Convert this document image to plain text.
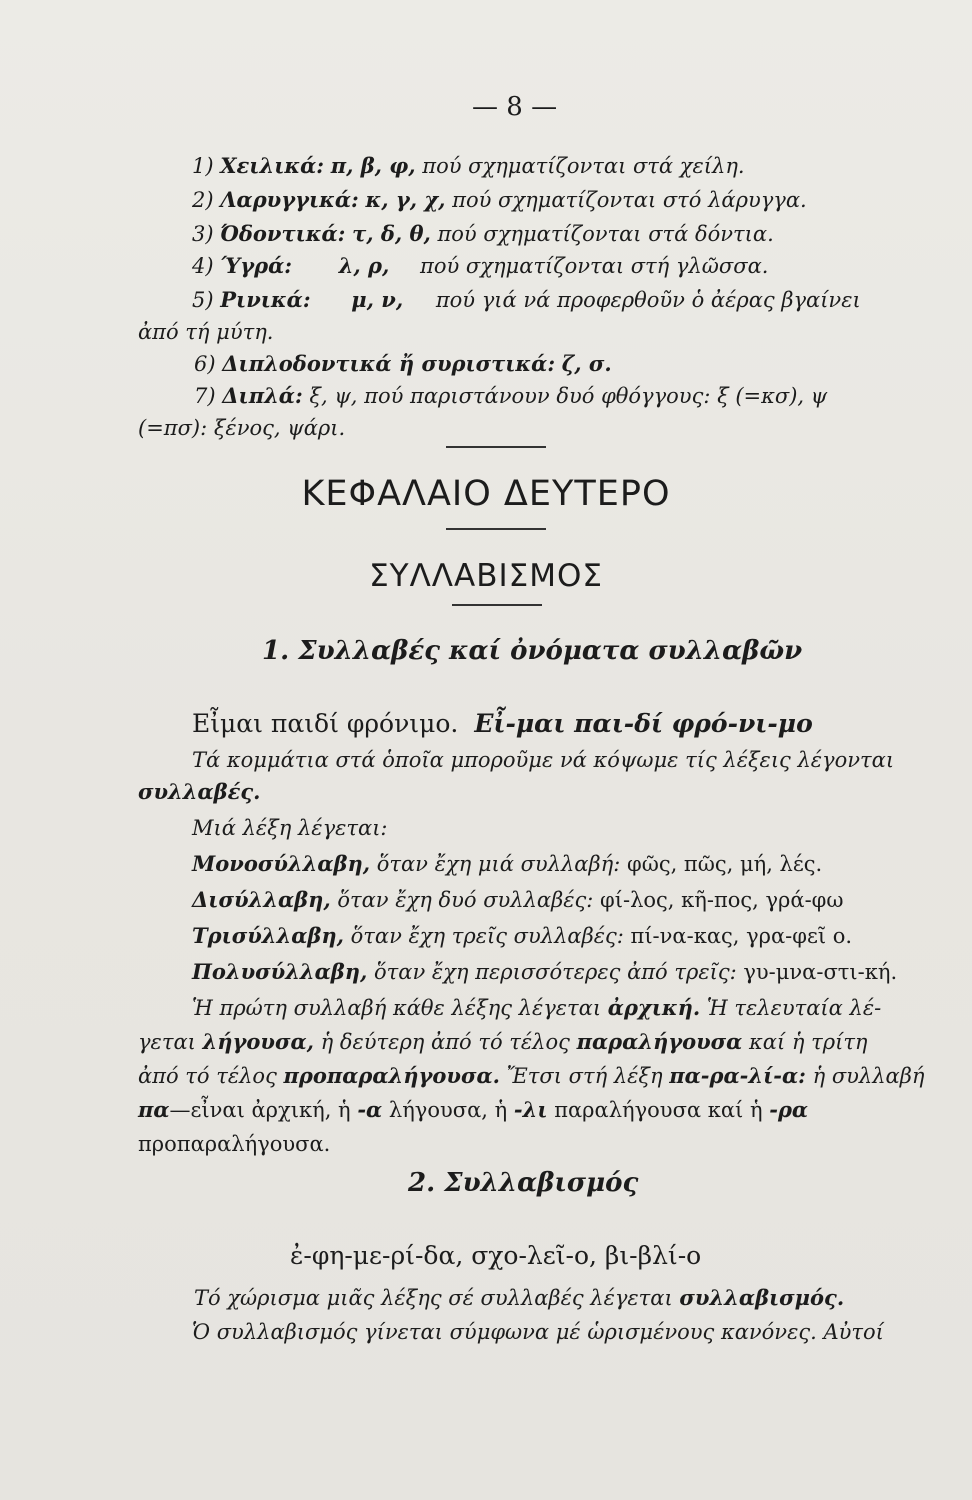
— 8 —
1) Χειλικά: π, β, φ, πού σχηματίζονται στά χείλη.
2) Λαρυγγικά: κ, γ, χ, πού σχηματίζονται στό λάρυγγα.
3) Όδοντικά: τ, δ, θ, πού σχηματίζονται στά δόντια.
4) Ύγρά: λ, ρ, πού σχηματίζονται στή γλῶσσα.
5) Ρινικά: μ, ν, πού γιά νά προφερθοῦν ὁ ἀέρας βγαίνει
ἀπό τή μύτη.
6) Διπλοδοντικά ἤ συριστικά: ζ, σ.
7) Διπλά: ξ, ψ, πού παριστάνουν δυό φθόγγους: ξ (=κσ), ψ
(=πσ): ξένος, ψάρι.
ΚΕΦΑΛΑΙΟ ΔΕΥΤΕΡΟ
ΣΥΛΛΑΒΙΣΜΟΣ
1. Συλλαβές καί ὀνόματα συλλαβῶν
Εἶμαι παιδί φρόνιμο. Εἶ-μαι παι-δί φρό-νι-μο
Τά κομμάτια στά ὁποῖα μποροῦμε νά κόψωμε τίς λέξεις λέγονται
συλλαβές.
Μιά λέξη λέγεται:
Μονοσύλλαβη, ὅταν ἔχη μιά συλλαβή: φῶς, πῶς, μή, λές.
Δισύλλαβη, ὅταν ἔχη δυό συλλαβές: φί-λος, κῆ-πος, γρά-φω
Τρισύλλαβη, ὅταν ἔχη τρεῖς συλλαβές: πί-να-κας, γρα-φεῖ ο.
Πολυσύλλαβη, ὅταν ἔχη περισσότερες ἀπό τρεῖς: γυ-μνα-στι-κή.
Ἡ πρώτη συλλαβή κάθε λέξης λέγεται ἀρχική. Ἡ τελευταία λέ-
γεται λήγουσα, ἡ δεύτερη ἀπό τό τέλος παραλήγουσα καί ἡ τρίτη
ἀπό τό τέλος προπαραλήγουσα. Ἔτσι στή λέξη πα-ρα-λί-α: ἡ συλλαβή
πα—εἶναι ἀρχική, ἡ -α λήγουσα, ἡ -λι παραλήγουσα καί ἡ -ρα
προπαραλήγουσα.
2. Συλλαβισμός
ἐ-φη-με-ρί-δα, σχο-λεῖ-ο, βι-βλί-ο
Τό χώρισμα μιᾶς λέξης σέ συλλαβές λέγεται συλλαβισμός.
Ὁ συλλαβισμός γίνεται σύμφωνα μέ ὡρισμένους κανόνες. Αὐτοί
